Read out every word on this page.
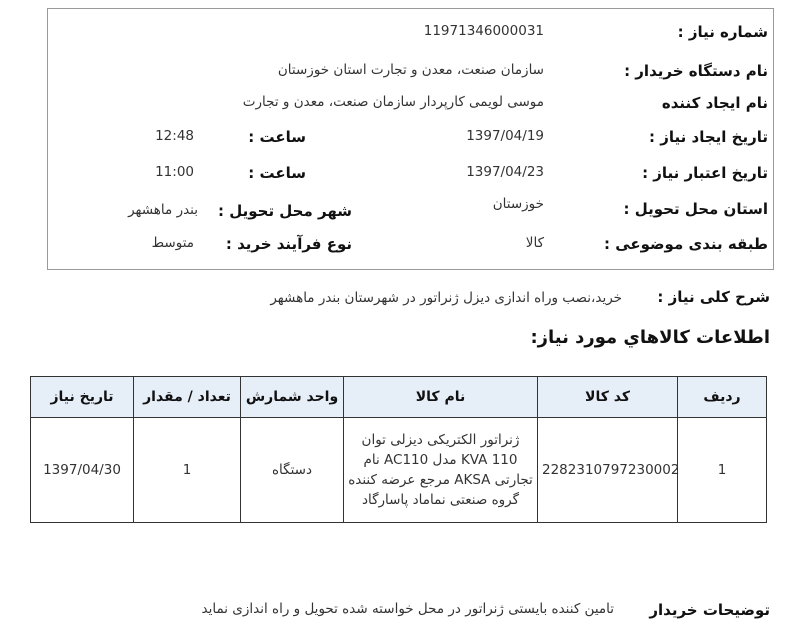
شماره نیاز :
11971346000031
نام دستگاه خریدار :
سازمان صنعت، معدن و تجارت استان خوزستان
نام ایجاد کننده
موسی لویمی کارپردار سازمان صنعت، معدن و تجارت
تاریخ ایجاد نیاز :
1397/04/19
ساعت :
12:48
تاریخ اعتبار نیاز :
1397/04/23
ساعت :
11:00
استان محل تحویل :
خوزستان
شهر محل تحویل :
بندر ماهشهر
طبقه بندی موضوعی :
کالا
نوع فرآیند خرید :
متوسط
شرح کلی نیاز :
خرید،نصب وراه اندازی دیزل ژنراتور در شهرستان بندر ماهشهر
اطلاعات كالاهاي مورد نياز:
ردیف	کد کالا	نام کالا	واحد شمارش	تعداد / مقدار	تاریخ نیاز
1	2282310797230002	ژنراتور الکتریکی دیزلی توان 110 KVA مدل AC110 نام تجارتی AKSA مرجع عرضه کننده گروه صنعتی نماماد پاسارگاد	دستگاه	1	1397/04/30
توضیحات خریدار
تامین کننده بایستی ژنراتور در محل خواسته شده تحویل و راه اندازی نماید
